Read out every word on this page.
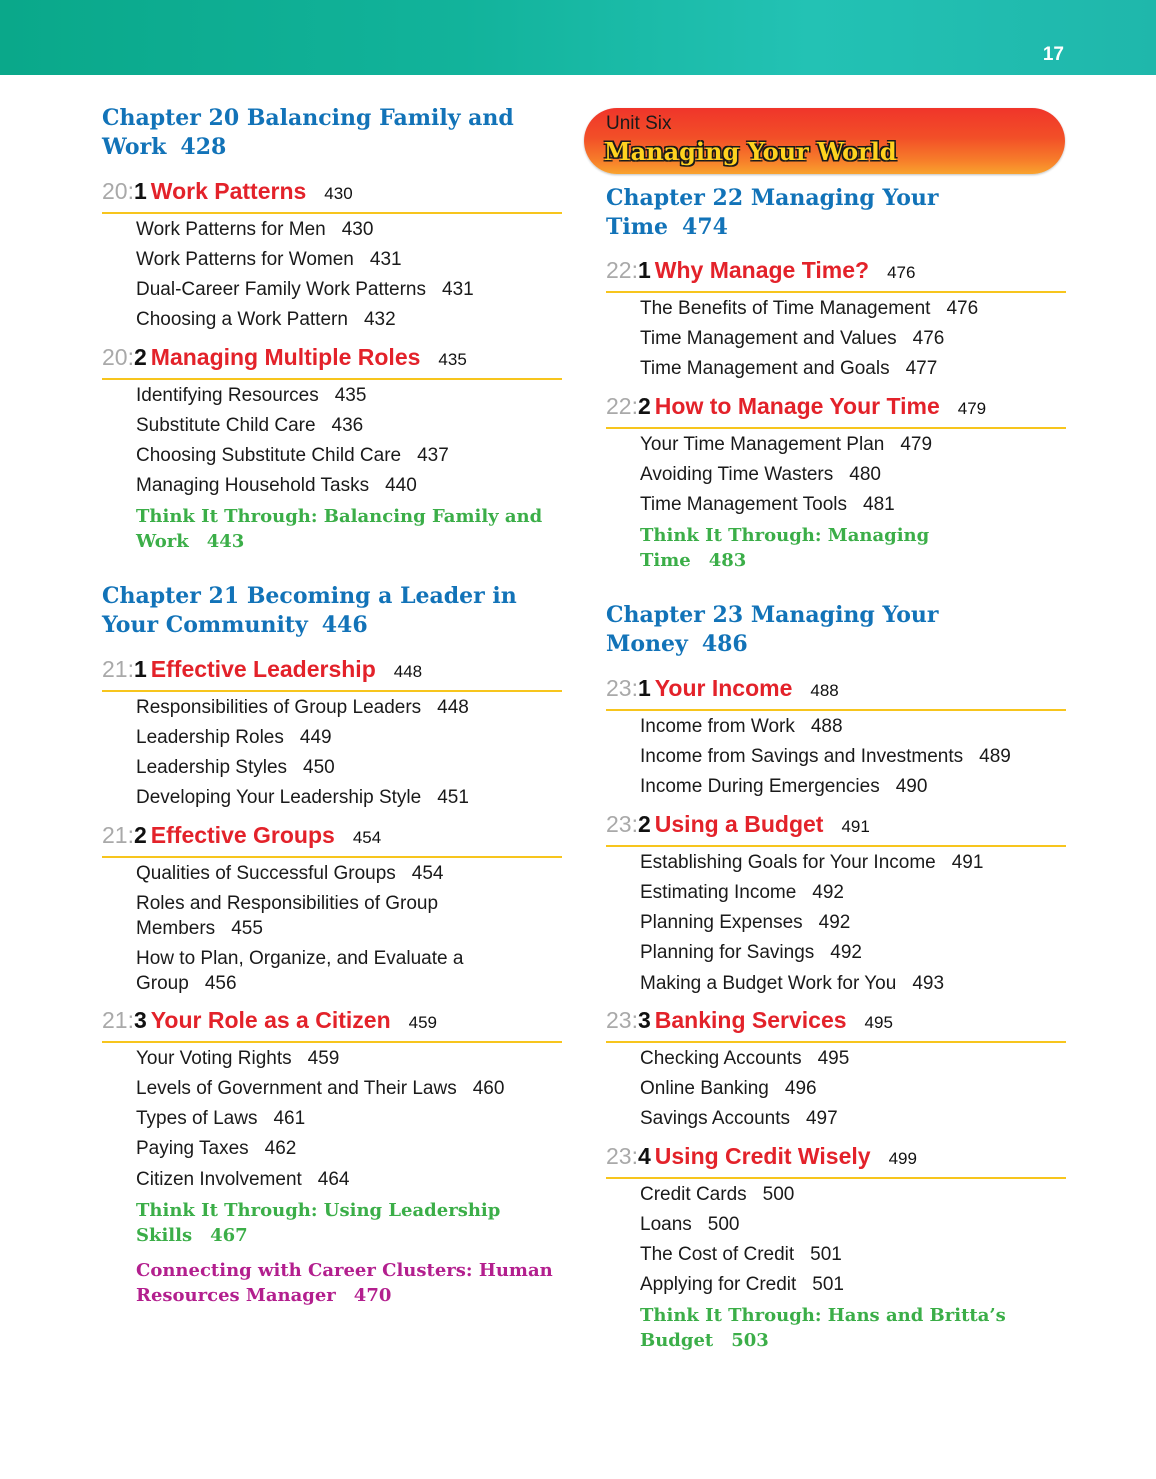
17
Chapter 20 Balancing Family and Work 428
20:1 Work Patterns 430
Work Patterns for Men 430
Work Patterns for Women 431
Dual-Career Family Work Patterns 431
Choosing a Work Pattern 432
20:2 Managing Multiple Roles 435
Identifying Resources 435
Substitute Child Care 436
Choosing Substitute Child Care 437
Managing Household Tasks 440
Think It Through: Balancing Family and Work 443
Chapter 21 Becoming a Leader in Your Community 446
21:1 Effective Leadership 448
Responsibilities of Group Leaders 448
Leadership Roles 449
Leadership Styles 450
Developing Your Leadership Style 451
21:2 Effective Groups 454
Qualities of Successful Groups 454
Roles and Responsibilities of Group Members 455
How to Plan, Organize, and Evaluate a Group 456
21:3 Your Role as a Citizen 459
Your Voting Rights 459
Levels of Government and Their Laws 460
Types of Laws 461
Paying Taxes 462
Citizen Involvement 464
Think It Through: Using Leadership Skills 467
Connecting with Career Clusters: Human Resources Manager 470
Unit Six
Managing Your World
Chapter 22 Managing Your Time 474
22:1 Why Manage Time? 476
The Benefits of Time Management 476
Time Management and Values 476
Time Management and Goals 477
22:2 How to Manage Your Time 479
Your Time Management Plan 479
Avoiding Time Wasters 480
Time Management Tools 481
Think It Through: Managing Time 483
Chapter 23 Managing Your Money 486
23:1 Your Income 488
Income from Work 488
Income from Savings and Investments 489
Income During Emergencies 490
23:2 Using a Budget 491
Establishing Goals for Your Income 491
Estimating Income 492
Planning Expenses 492
Planning for Savings 492
Making a Budget Work for You 493
23:3 Banking Services 495
Checking Accounts 495
Online Banking 496
Savings Accounts 497
23:4 Using Credit Wisely 499
Credit Cards 500
Loans 500
The Cost of Credit 501
Applying for Credit 501
Think It Through: Hans and Britta’s Budget 503
